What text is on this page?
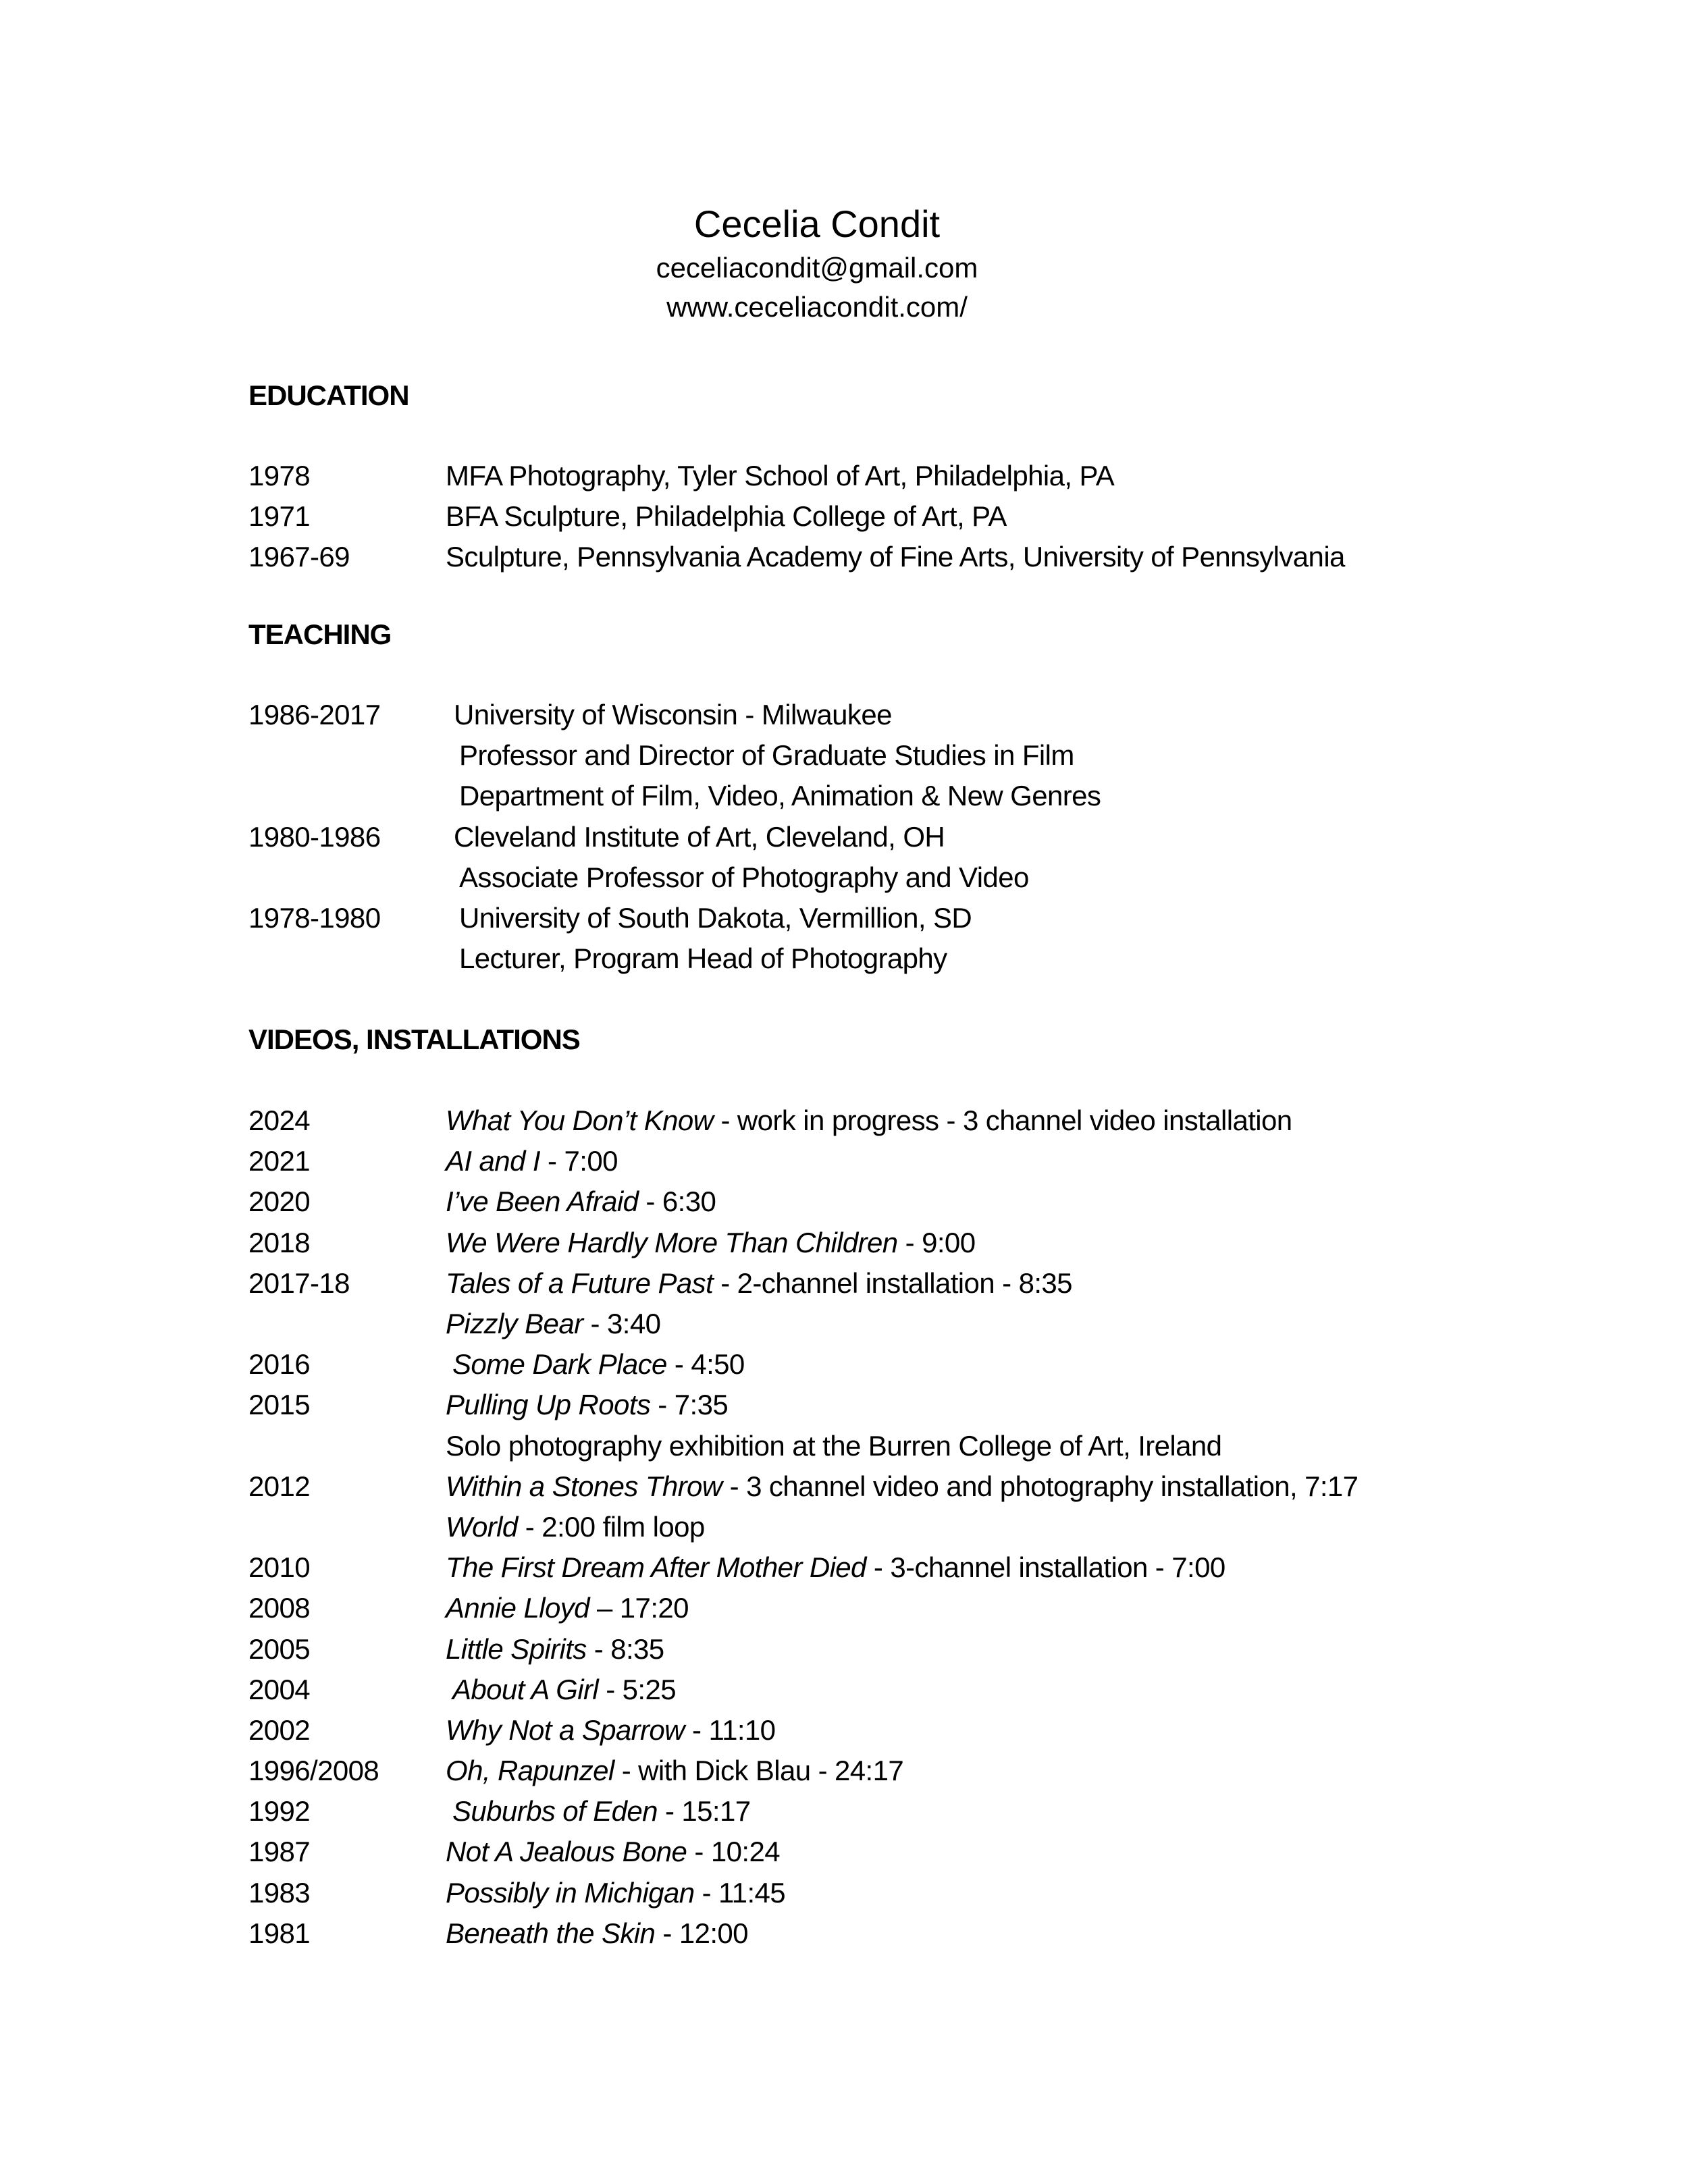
Cecelia Condit
ceceliacondit@gmail.com
www.ceceliacondit.com/
EDUCATION
1978	MFA Photography, Tyler School of Art, Philadelphia, PA
1971	BFA Sculpture, Philadelphia College of Art, PA
1967-69	Sculpture, Pennsylvania Academy of Fine Arts, University of Pennsylvania
TEACHING
1986-2017	University of Wisconsin - Milwaukee
Professor and Director of Graduate Studies in Film
Department of Film, Video, Animation & New Genres
1980-1986	Cleveland Institute of Art, Cleveland, OH
Associate Professor of Photography and Video
1978-1980	University of South Dakota, Vermillion, SD
Lecturer, Program Head of Photography
VIDEOS, INSTALLATIONS
2024	What You Don’t Know - work in progress - 3 channel video installation
2021	AI and I - 7:00
2020	I’ve Been Afraid - 6:30
2018	We Were Hardly More Than Children - 9:00
2017-18	Tales of a Future Past - 2-channel installation - 8:35
Pizzly Bear - 3:40
2016	Some Dark Place - 4:50
2015	Pulling Up Roots - 7:35
Solo photography exhibition at the Burren College of Art, Ireland
2012	Within a Stones Throw - 3 channel video and photography installation, 7:17
World - 2:00 film loop
2010	The First Dream After Mother Died - 3-channel installation - 7:00
2008	Annie Lloyd – 17:20
2005	Little Spirits - 8:35
2004	About A Girl - 5:25
2002	Why Not a Sparrow - 11:10
1996/2008	Oh, Rapunzel - with Dick Blau - 24:17
1992	Suburbs of Eden - 15:17
1987	Not A Jealous Bone - 10:24
1983	Possibly in Michigan - 11:45
1981	Beneath the Skin - 12:00
